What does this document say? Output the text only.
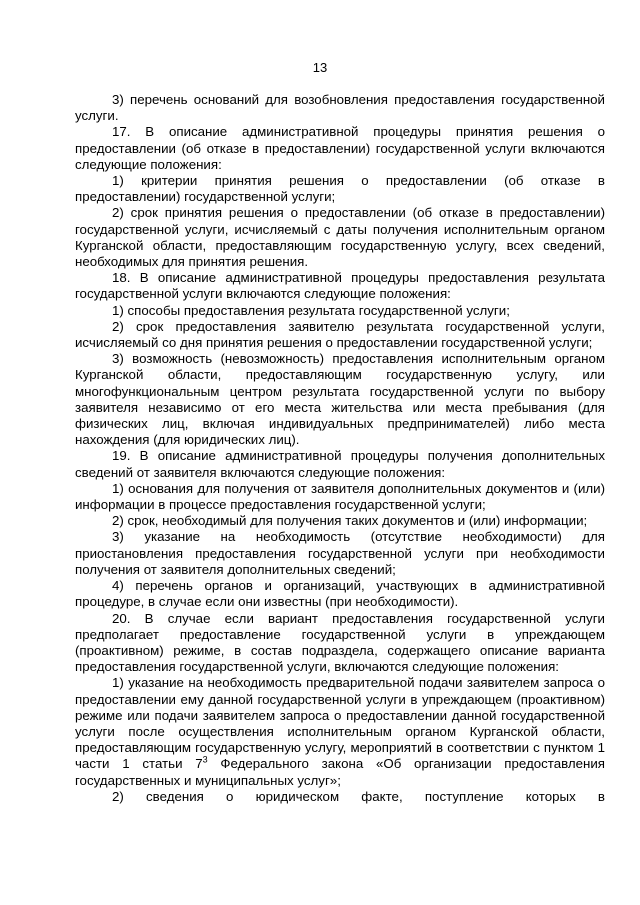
13

3) перечень оснований для возобновления предоставления государственной услуги.

17. В описание административной процедуры принятия решения о предоставлении (об отказе в предоставлении) государственной услуги включаются следующие положения:

1) критерии принятия решения о предоставлении (об отказе в предоставлении) государственной услуги;

2) срок принятия решения о предоставлении (об отказе в предоставлении) государственной услуги, исчисляемый с даты получения исполнительным органом Курганской области, предоставляющим государственную услугу, всех сведений, необходимых для принятия решения.

18. В описание административной процедуры предоставления результата государственной услуги включаются следующие положения:

1) способы предоставления результата государственной услуги;

2) срок предоставления заявителю результата государственной услуги, исчисляемый со дня принятия решения о предоставлении государственной услуги;

3) возможность (невозможность) предоставления исполнительным органом Курганской области, предоставляющим государственную услугу, или многофункциональным центром результата государственной услуги по выбору заявителя независимо от его места жительства или места пребывания (для физических лиц, включая индивидуальных предпринимателей) либо места нахождения (для юридических лиц).

19. В описание административной процедуры получения дополнительных сведений от заявителя включаются следующие положения:

1) основания для получения от заявителя дополнительных документов и (или) информации в процессе предоставления государственной услуги;

2) срок, необходимый для получения таких документов и (или) информации;

3) указание на необходимость (отсутствие необходимости) для приостановления предоставления государственной услуги при необходимости получения от заявителя дополнительных сведений;

4) перечень органов и организаций, участвующих в административной процедуре, в случае если они известны (при необходимости).

20. В случае если вариант предоставления государственной услуги предполагает предоставление государственной услуги в упреждающем (проактивном) режиме, в состав подраздела, содержащего описание варианта предоставления государственной услуги, включаются следующие положения:

1) указание на необходимость предварительной подачи заявителем запроса о предоставлении ему данной государственной услуги в упреждающем (проактивном) режиме или подачи заявителем запроса о предоставлении данной государственной услуги после осуществления исполнительным органом Курганской области, предоставляющим государственную услугу, мероприятий в соответствии с пунктом 1 части 1 статьи $7^3$ Федерального закона «Об организации предоставления государственных и муниципальных услуг»;

2) сведения о юридическом факте, поступление которых в
